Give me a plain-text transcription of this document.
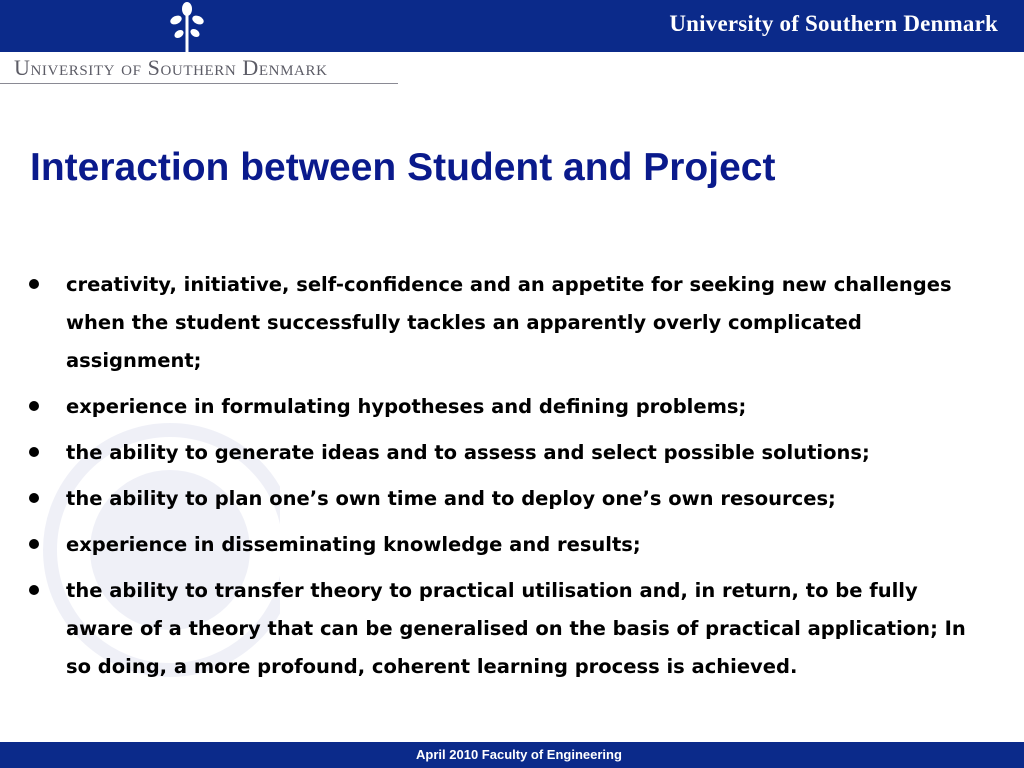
University of Southern Denmark
University of Southern Denmark
Interaction between Student and Project
creativity, initiative, self-confidence and an appetite for seeking new challenges when the student successfully tackles an apparently overly complicated assignment;
experience in formulating hypotheses and defining problems;
the ability to generate ideas and to assess and select possible solutions;
the ability to plan one’s own time and to deploy one’s own resources;
experience in disseminating knowledge and results;
the ability to transfer theory to practical utilisation and, in return, to be fully aware of a theory that can be generalised on the basis of practical application; In so doing, a more profound, coherent learning process is achieved.
April 2010 Faculty of Engineering
